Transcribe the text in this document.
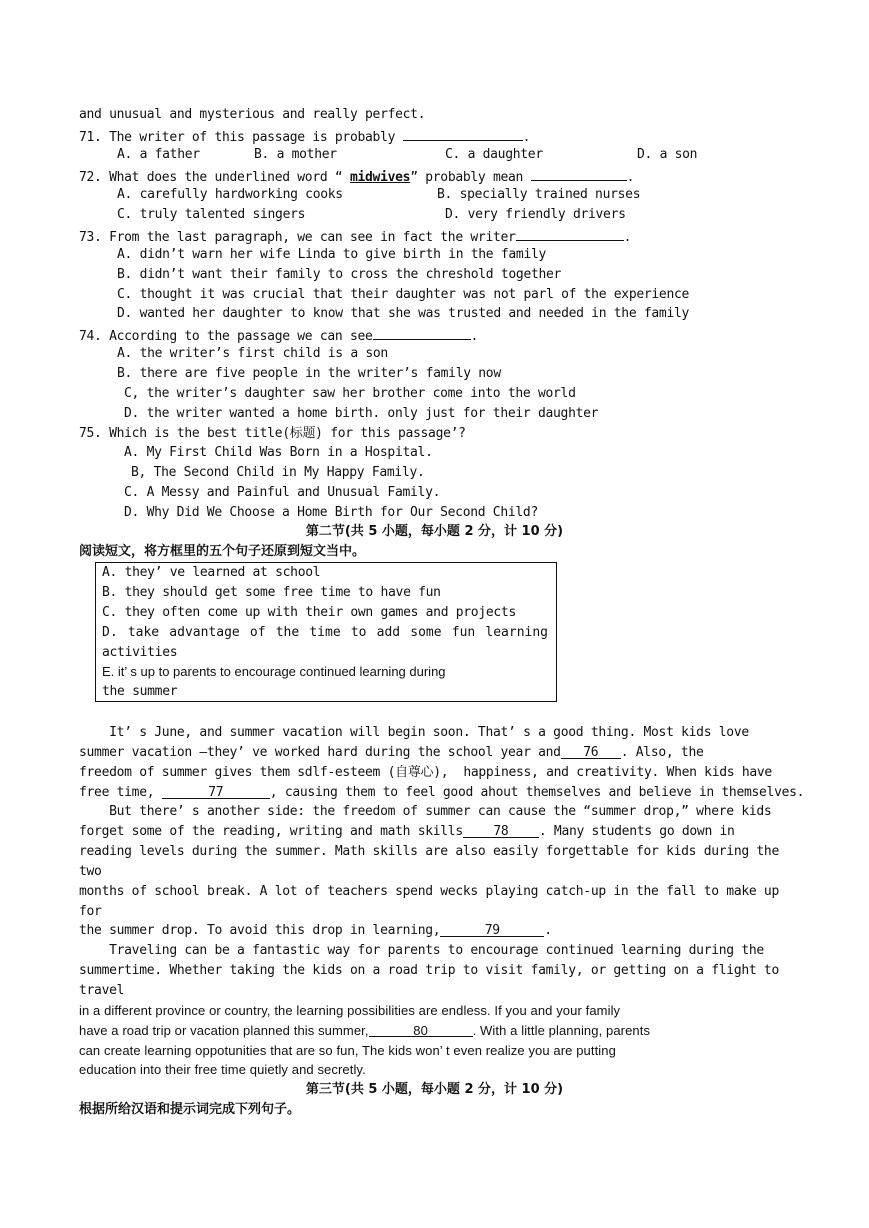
and unusual and mysterious and really perfect.
71. The writer of this passage is probably	.
A. a father	B. a mother	C. a daughter	D. a son
72. What does the underlined word “ midwives” probably mean	.
A. carefully hardworking cooks	B. specially trained nurses
C. truly talented singers	D. very friendly drivers
73. From the last paragraph, we can see in fact the writer	.
A. didn’t warn her wife Linda to give birth in the family
B. didn’t want their family to cross the chreshold together
C. thought it was crucial that their daughter was not parl of the experience
D. wanted her daughter to know that she was trusted and needed in the family
74. According to the passage we can see	.
A. the writer’s first child is a son
B. there are five people in the writer’s family now
C, the writer’s daughter saw her brother come into the world
D. the writer wanted a home birth. only just for their daughter
75. Which is the best title(标题) for this passage’?
A. My First Child Was Born in a Hospital.
B, The Second Child in My Happy Family.
C. A Messy and Painful and Unusual Family.
D. Why Did We Choose a Home Birth for Our Second Child?
第二节(共 5 小题，每小题 2 分，计 10 分)
阅读短文，将方框里的五个句子还原到短文当中。
A. they’ ve learned at school
B. they should get some free time to have fun
C. they often come up with their own games and projects
D. take advantage of the time to add some fun learning
activities
E. it’ s up to parents to encourage continued learning during
the summer
It’ s June, and summer vacation will begin soon. That’ s a good thing. Most kids love
summer vacation —they’ ve worked hard during the school year and 76 . Also, the
freedom of summer gives them sdlf-esteem (自尊心),  happiness, and creativity. When kids have
free time,	77	, causing them to feel good ahout themselves and believe in themselves.
But there’ s another side: the freedom of summer can cause the “summer drop,” where kids
forget some of the reading, writing and math skills 78 . Many students go down in
reading levels during the summer. Math skills are also easily forgettable for kids during the
two
months of school break. A lot of teachers spend wecks playing catch-up in the fall to make up
for
the summer drop. To avoid this drop in learning,	79	.
Traveling can be a fantastic way for parents to encourage continued learning during the
summertime. Whether taking the kids on a road trip to visit family, or getting on a flight to
travel
in a different province or country, the learning possibilities are endless. If you and your family
have a road trip or vacation planned this summer,	80	. With a little planning, parents
can create learning oppotunities that are so fun, The kids won’ t even realize you are putting
education into their free time quietly and secretly.
第三节(共 5 小题，每小题 2 分，计 10 分)
根据所给汉语和提示词完成下列句子。
